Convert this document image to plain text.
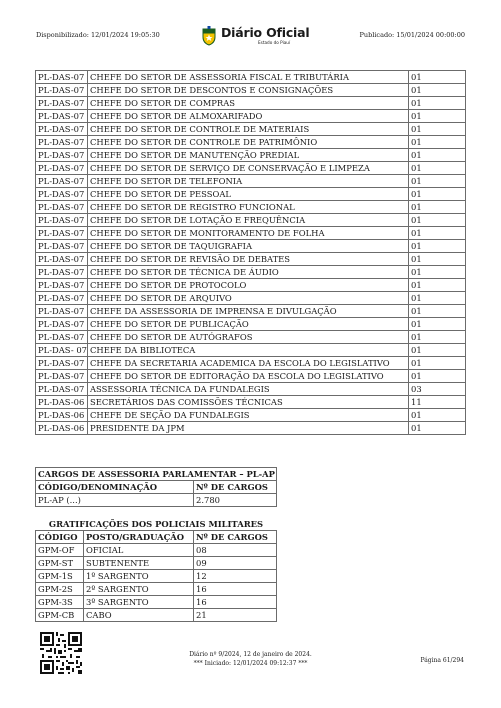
Disponibilizado: 12/01/2024 19:05:30	Diário Oficial
Estado do Piauí
Publicado: 15/01/2024 00:00:00
PL-DAS-07	CHEFE DO SETOR DE ASSESSORIA FISCAL E TRIBUTÁRIA	01
PL-DAS-07	CHEFE DO SETOR DE DESCONTOS E CONSIGNAÇÕES	01
PL-DAS-07	CHEFE DO SETOR DE COMPRAS	01
PL-DAS-07	CHEFE DO SETOR DE ALMOXARIFADO	01
PL-DAS-07	CHEFE DO SETOR DE CONTROLE DE MATERIAIS	01
PL-DAS-07	CHEFE DO SETOR DE CONTROLE DE PATRIMÔNIO	01
PL-DAS-07	CHEFE DO SETOR DE MANUTENÇÃO PREDIAL	01
PL-DAS-07	CHEFE DO SETOR DE SERVIÇO DE CONSERVAÇÃO E LIMPEZA	01
PL-DAS-07	CHEFE DO SETOR DE TELEFONIA	01
PL-DAS-07	CHEFE DO SETOR DE PESSOAL	01
PL-DAS-07	CHEFE DO SETOR DE REGISTRO FUNCIONAL	01
PL-DAS-07	CHEFE DO SETOR DE LOTAÇÃO E FREQUÊNCIA	01
PL-DAS-07	CHEFE DO SETOR DE MONITORAMENTO DE FOLHA	01
PL-DAS-07	CHEFE DO SETOR DE TAQUIGRAFIA	01
PL-DAS-07	CHEFE DO SETOR DE REVISÃO DE DEBATES	01
PL-DAS-07	CHEFE DO SETOR DE TÉCNICA DE ÁUDIO	01
PL-DAS-07	CHEFE DO SETOR DE PROTOCOLO	01
PL-DAS-07	CHEFE DO SETOR DE ARQUIVO	01
PL-DAS-07	CHEFE DA ASSESSORIA DE IMPRENSA E DIVULGAÇÃO	01
PL-DAS-07	CHEFE DO SETOR DE PUBLICAÇÃO	01
PL-DAS-07	CHEFE DO SETOR DE AUTÓGRAFOS	01
PL-DAS- 07	CHEFE DA BIBLIOTECA	01
PL-DAS-07	CHEFE DA SECRETARIA ACADEMICA DA ESCOLA DO LEGISLATIVO	01
PL-DAS-07	CHEFE DO SETOR DE EDITORAÇÃO DA ESCOLA DO LEGISLATIVO	01
PL-DAS-07	ASSESSORIA TÉCNICA DA FUNDALEGIS	03
PL-DAS-06	SECRETÁRIOS DAS COMISSÕES TÉCNICAS	11
PL-DAS-06	CHEFE DE SEÇÃO DA FUNDALEGIS	01
PL-DAS-06	PRESIDENTE DA JPM	01
CARGOS DE ASSESSORIA PARLAMENTAR – PL-AP	
CÓDIGO/DENOMINAÇÃO	Nº DE CARGOS
PL-AP (...)	2.780
GRATIFICAÇÕES DOS POLICIAIS MILITARES		
CÓDIGO	POSTO/GRADUAÇÃO	Nº DE CARGOS
GPM-OF	OFICIAL	08
GPM-ST	SUBTENENTE	09
GPM-1S	1º SARGENTO	12
GPM-2S	2º SARGENTO	16
GPM-3S	3º SARGENTO	16
GPM-CB	CABO	21
Diário nº 9/2024, 12 de janeiro de 2024.
*** Iniciado: 12/01/2024 09:12:37 ***	Página 61/294
